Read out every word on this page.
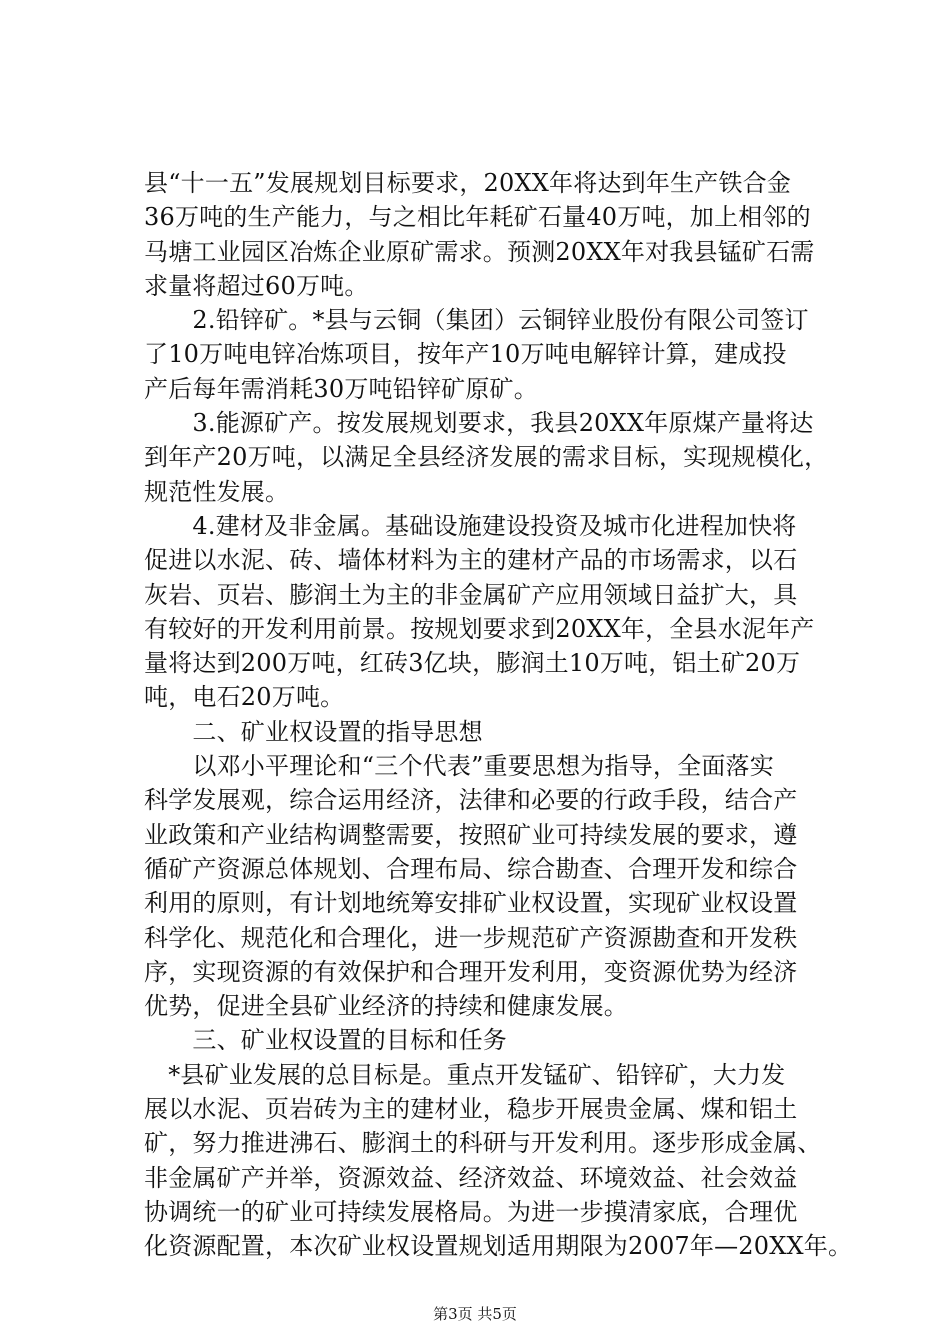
县“十一五”发展规划目标要求，20XX年将达到年生产铁合金
36万吨的生产能力，与之相比年耗矿石量40万吨，加上相邻的
马塘工业园区冶炼企业原矿需求。预测20XX年对我县锰矿石需
求量将超过60万吨。
　　2.铅锌矿。*县与云铜（集团）云铜锌业股份有限公司签订
了10万吨电锌冶炼项目，按年产10万吨电解锌计算，建成投
产后每年需消耗30万吨铅锌矿原矿。
　　3.能源矿产。按发展规划要求，我县20XX年原煤产量将达
到年产20万吨，以满足全县经济发展的需求目标，实现规模化，
规范性发展。
　　4.建材及非金属。基础设施建设投资及城市化进程加快将
促进以水泥、砖、墙体材料为主的建材产品的市场需求，以石
灰岩、页岩、膨润土为主的非金属矿产应用领域日益扩大，具
有较好的开发利用前景。按规划要求到20XX年，全县水泥年产
量将达到200万吨，红砖3亿块，膨润土10万吨，铝土矿20万
吨，电石20万吨。
　　二、矿业权设置的指导思想
　　以邓小平理论和“三个代表”重要思想为指导，全面落实
科学发展观，综合运用经济，法律和必要的行政手段，结合产
业政策和产业结构调整需要，按照矿业可持续发展的要求，遵
循矿产资源总体规划、合理布局、综合勘查、合理开发和综合
利用的原则，有计划地统筹安排矿业权设置，实现矿业权设置
科学化、规范化和合理化，进一步规范矿产资源勘查和开发秩
序，实现资源的有效保护和合理开发利用，变资源优势为经济
优势，促进全县矿业经济的持续和健康发展。
　　三、矿业权设置的目标和任务
　*县矿业发展的总目标是。重点开发锰矿、铅锌矿，大力发
展以水泥、页岩砖为主的建材业，稳步开展贵金属、煤和铝土
矿，努力推进沸石、膨润土的科研与开发利用。逐步形成金属、
非金属矿产并举，资源效益、经济效益、环境效益、社会效益
协调统一的矿业可持续发展格局。为进一步摸清家底，合理优
化资源配置，本次矿业权设置规划适用期限为2007年—20XX年。
第3页 共5页
